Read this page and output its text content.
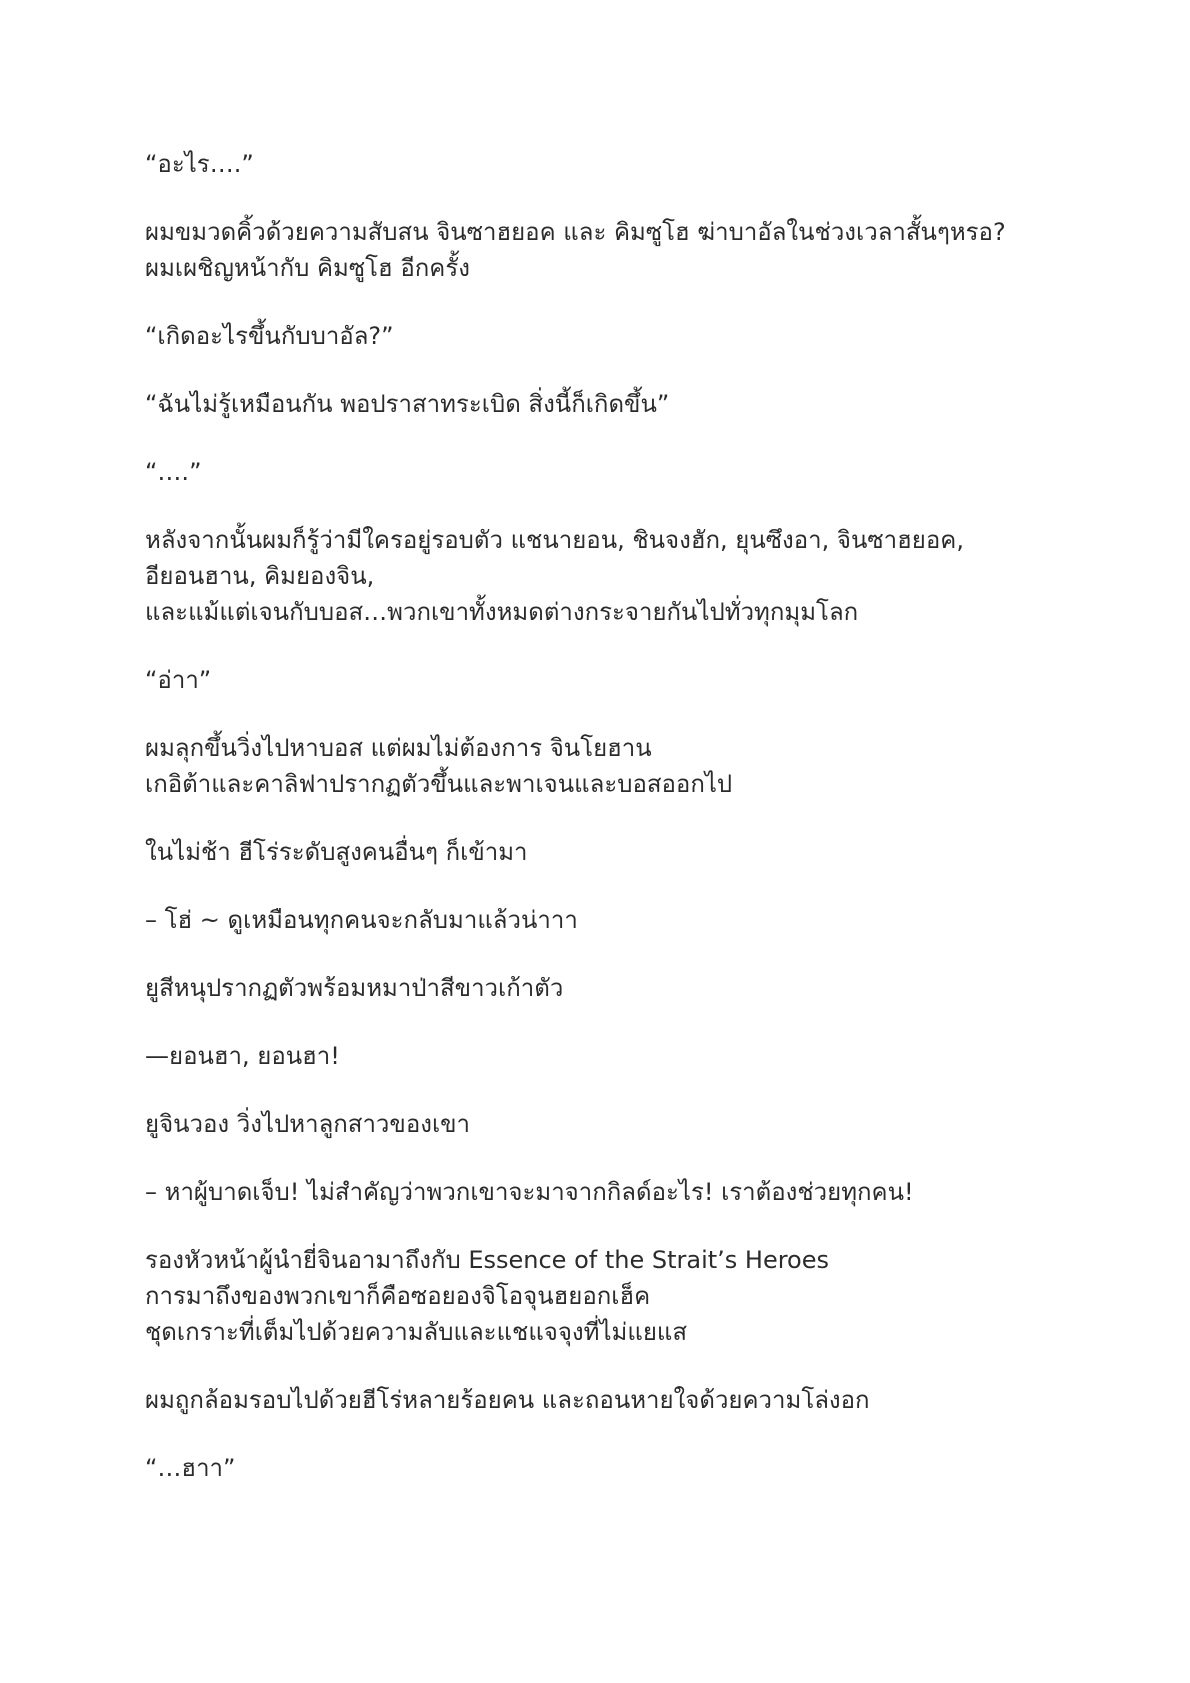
“อะไร….”

ผมขมวดคิ้วด้วยความสับสน จินซาฮยอค และ คิมซูโฮ ฆ่าบาอัลในช่วงเวลาสั้นๆหรอ?
ผมเผชิญหน้ากับ คิมซูโฮ อีกครั้ง

“เกิดอะไรขึ้นกับบาอัล?”

“ฉันไม่รู้เหมือนกัน พอปราสาทระเบิด สิ่งนี้ก็เกิดขึ้น”

“….”

หลังจากนั้นผมก็รู้ว่ามีใครอยู่รอบตัว แชนายอน, ชินจงฮัก, ยุนซึงอา, จินซาฮยอค,
อียอนฮาน, คิมยองจิน,
และแม้แต่เจนกับบอส…พวกเขาทั้งหมดต่างกระจายกันไปทั่วทุกมุมโลก

“อ่าา”

ผมลุกขึ้นวิ่งไปหาบอส แต่ผมไม่ต้องการ จินโยฮาน
เกอิต้าและคาลิฟาปรากฏตัวขึ้นและพาเจนและบอสออกไป

ในไม่ช้า ฮีโร่ระดับสูงคนอื่นๆ ก็เข้ามา

– โฮ่ ~ ดูเหมือนทุกคนจะกลับมาแล้วน่าาา

ยูสีหนุปรากฏตัวพร้อมหมาป่าสีขาวเก้าตัว

—ยอนฮา, ยอนฮา!

ยูจินวอง วิ่งไปหาลูกสาวของเขา

– หาผู้บาดเจ็บ! ไม่สำคัญว่าพวกเขาจะมาจากกิลด์อะไร! เราต้องช่วยทุกคน!

รองหัวหน้าผู้นำยี่จินอามาถึงกับ Essence of the Strait’s Heroes
การมาถึงของพวกเขาก็คือซอยองจิโอจุนฮยอกเฮ็ค
ชุดเกราะที่เต็มไปด้วยความลับและแชแจจุงที่ไม่แยแส

ผมถูกล้อมรอบไปด้วยฮีโร่หลายร้อยคน และถอนหายใจด้วยความโล่งอก

“…ฮาา”
